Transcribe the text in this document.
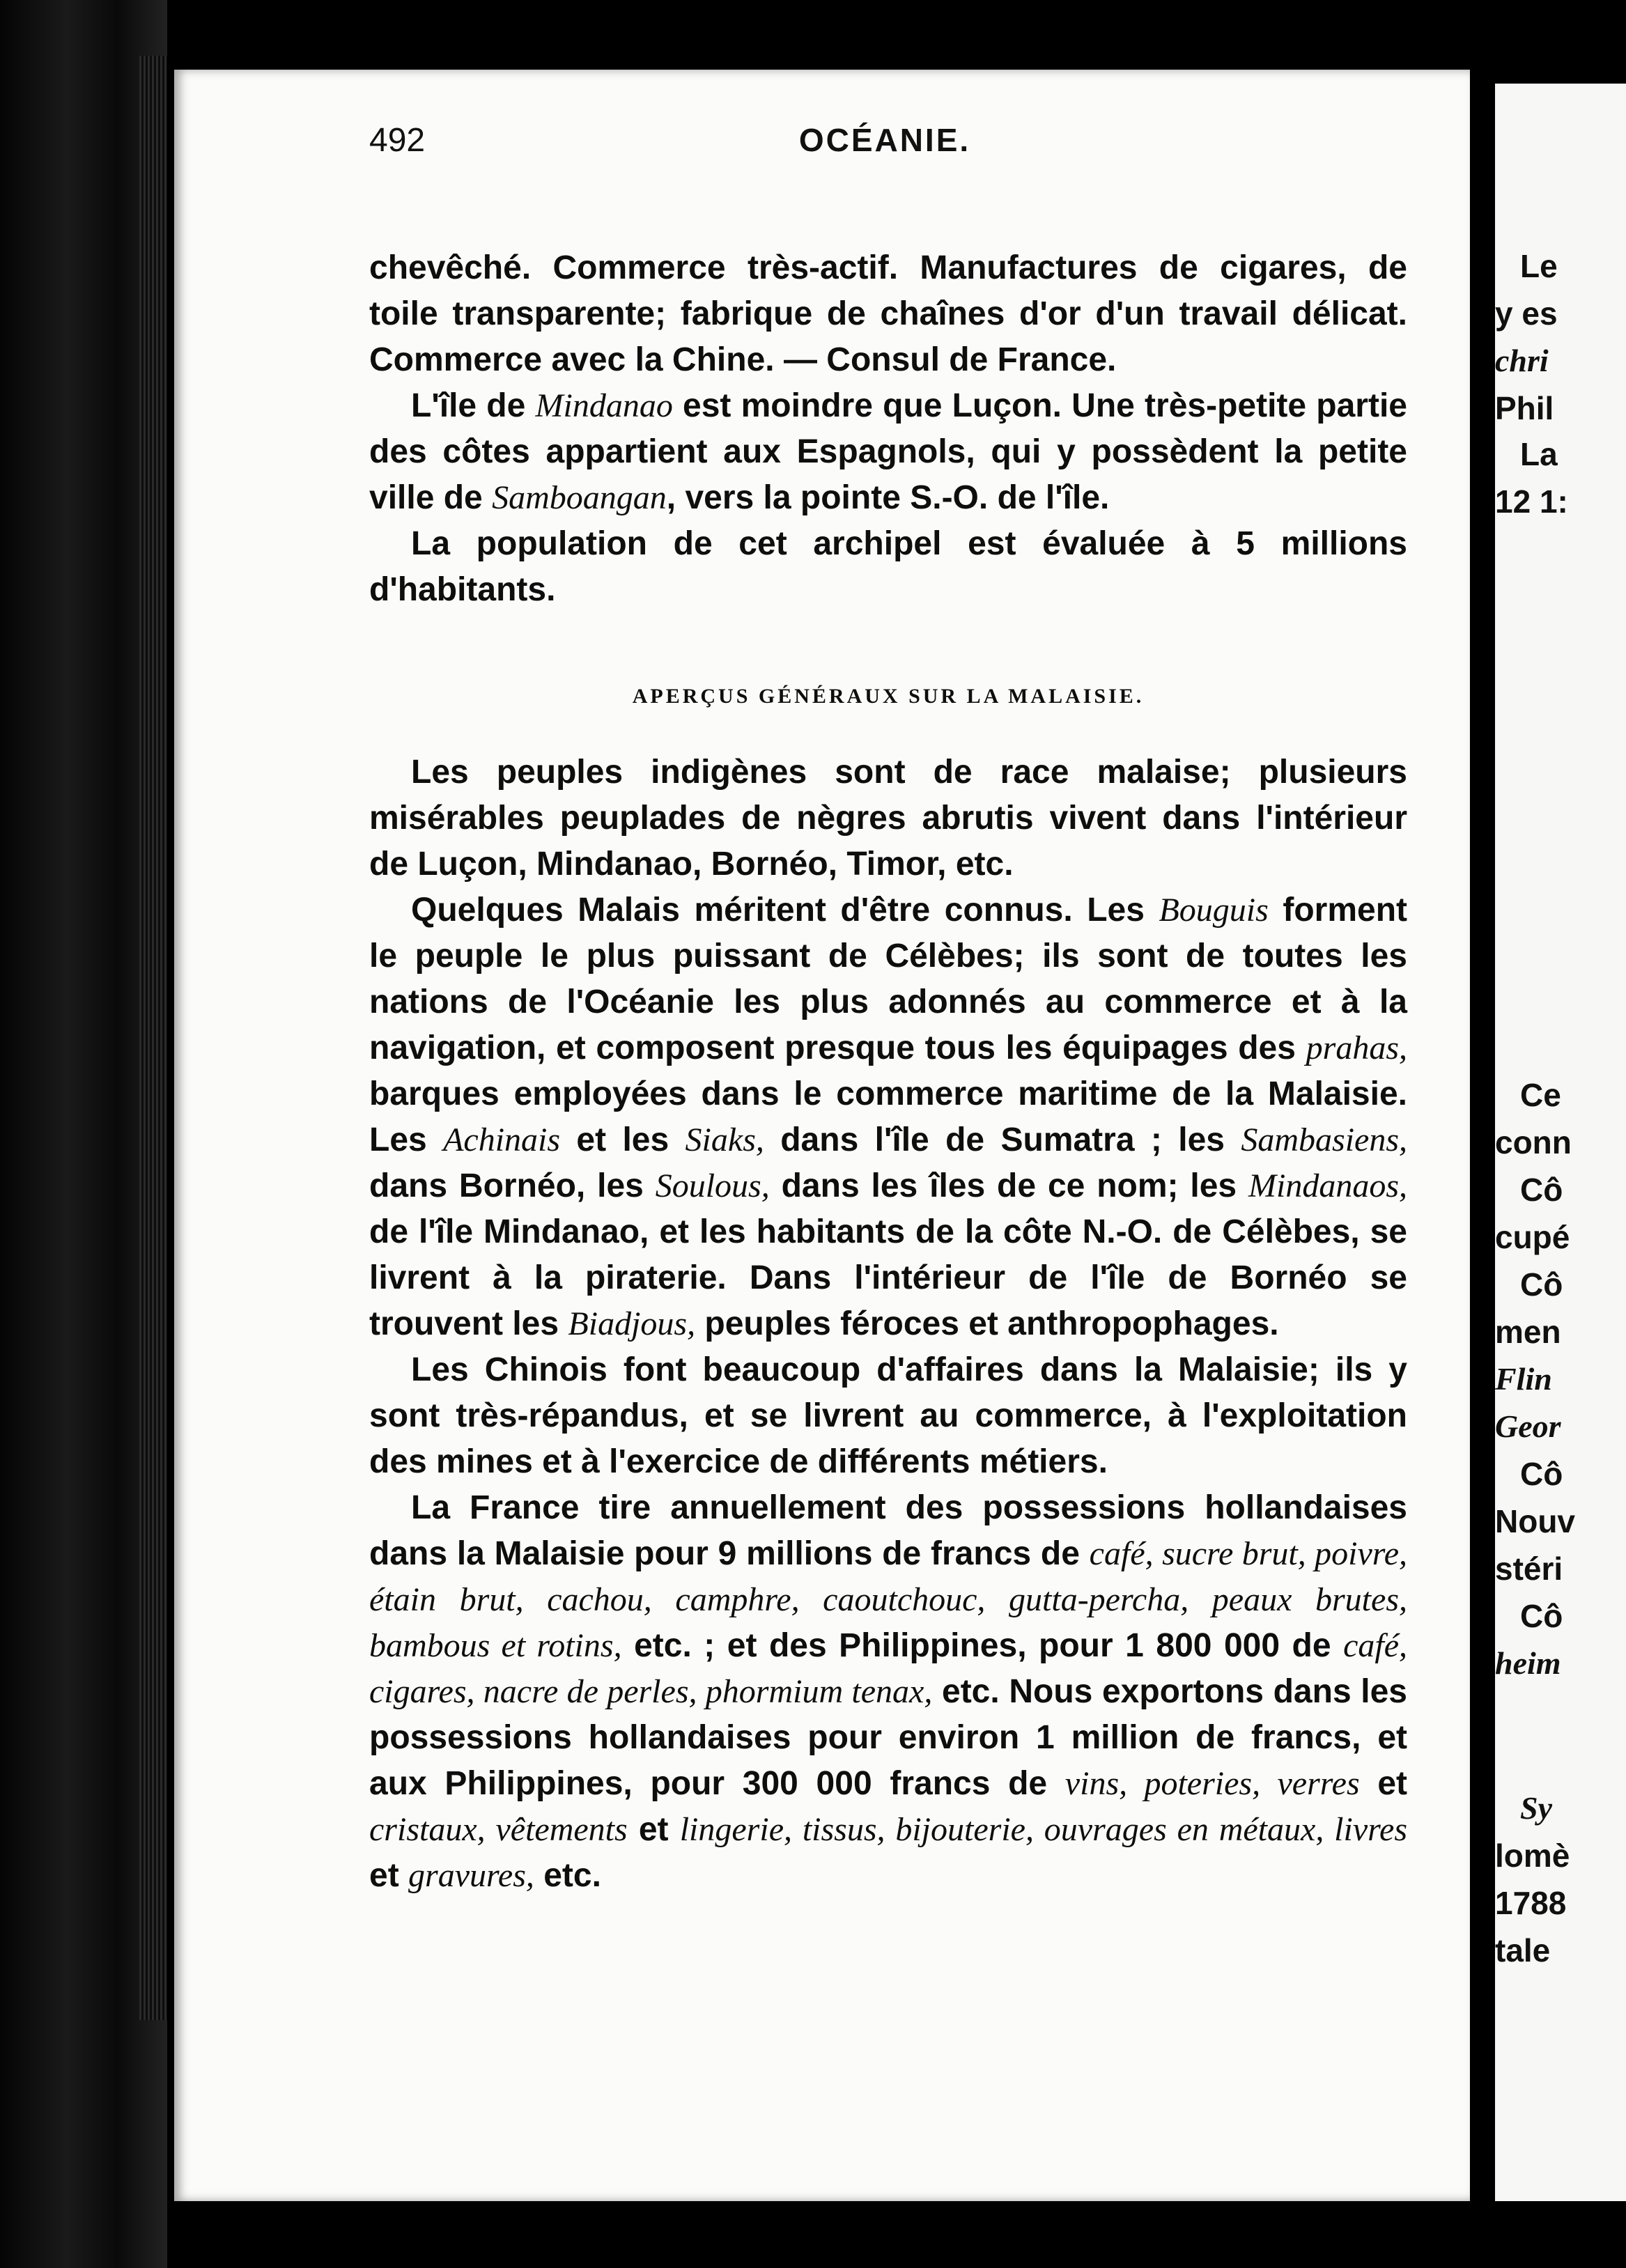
492	OCÉANIE.

chevêché. Commerce très-actif. Manufactures de cigares, de toile transparente; fabrique de chaînes d'or d'un travail délicat. Commerce avec la Chine. — Consul de France.

L'île de Mindanao est moindre que Luçon. Une très-petite partie des côtes appartient aux Espagnols, qui y possèdent la petite ville de Samboangan, vers la pointe S.-O. de l'île.

La population de cet archipel est évaluée à 5 millions d'habitants.

APERÇUS GÉNÉRAUX SUR LA MALAISIE.

Les peuples indigènes sont de race malaise; plusieurs misérables peuplades de nègres abrutis vivent dans l'intérieur de Luçon, Mindanao, Bornéo, Timor, etc.

Quelques Malais méritent d'être connus. Les Bouguis forment le peuple le plus puissant de Célèbes; ils sont de toutes les nations de l'Océanie les plus adonnés au commerce et à la navigation, et composent presque tous les équipages des prahas, barques employées dans le commerce maritime de la Malaisie. Les Achinais et les Siaks, dans l'île de Sumatra ; les Sambasiens, dans Bornéo, les Soulous, dans les îles de ce nom; les Mindanaos, de l'île Mindanao, et les habitants de la côte N.-O. de Célèbes, se livrent à la piraterie. Dans l'intérieur de l'île de Bornéo se trouvent les Biadjous, peuples féroces et anthropophages.

Les Chinois font beaucoup d'affaires dans la Malaisie; ils y sont très-répandus, et se livrent au commerce, à l'exploitation des mines et à l'exercice de différents métiers.

La France tire annuellement des possessions hollandaises dans la Malaisie pour 9 millions de francs de café, sucre brut, poivre, étain brut, cachou, camphre, caoutchouc, gutta-percha, peaux brutes, bambous et rotins, etc. ; et des Philippines, pour 1 800 000 de café, cigares, nacre de perles, phormium tenax, etc. Nous exportons dans les possessions hollandaises pour environ 1 million de francs, et aux Philippines, pour 300 000 francs de vins, poteries, verres et cristaux, vêtements et lingerie, tissus, bijouterie, ouvrages en métaux, livres et gravures, etc.

Le
y es
chri
Phil
La
12 1:
Ce
conn
Cô
cupé
Cô
men
Flin
Geor
Cô
Nouv
stéri
Cô
heim
Sy
lomè
1788
tale
